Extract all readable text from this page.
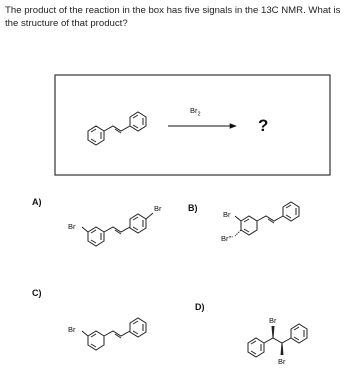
The product of the reaction in the box has five signals in the 13C NMR. What is the structure of that product?

$Br_2$
?
A)
B)
C)
D)
Br
Br
Br
Br'''
Br
Br
Br
